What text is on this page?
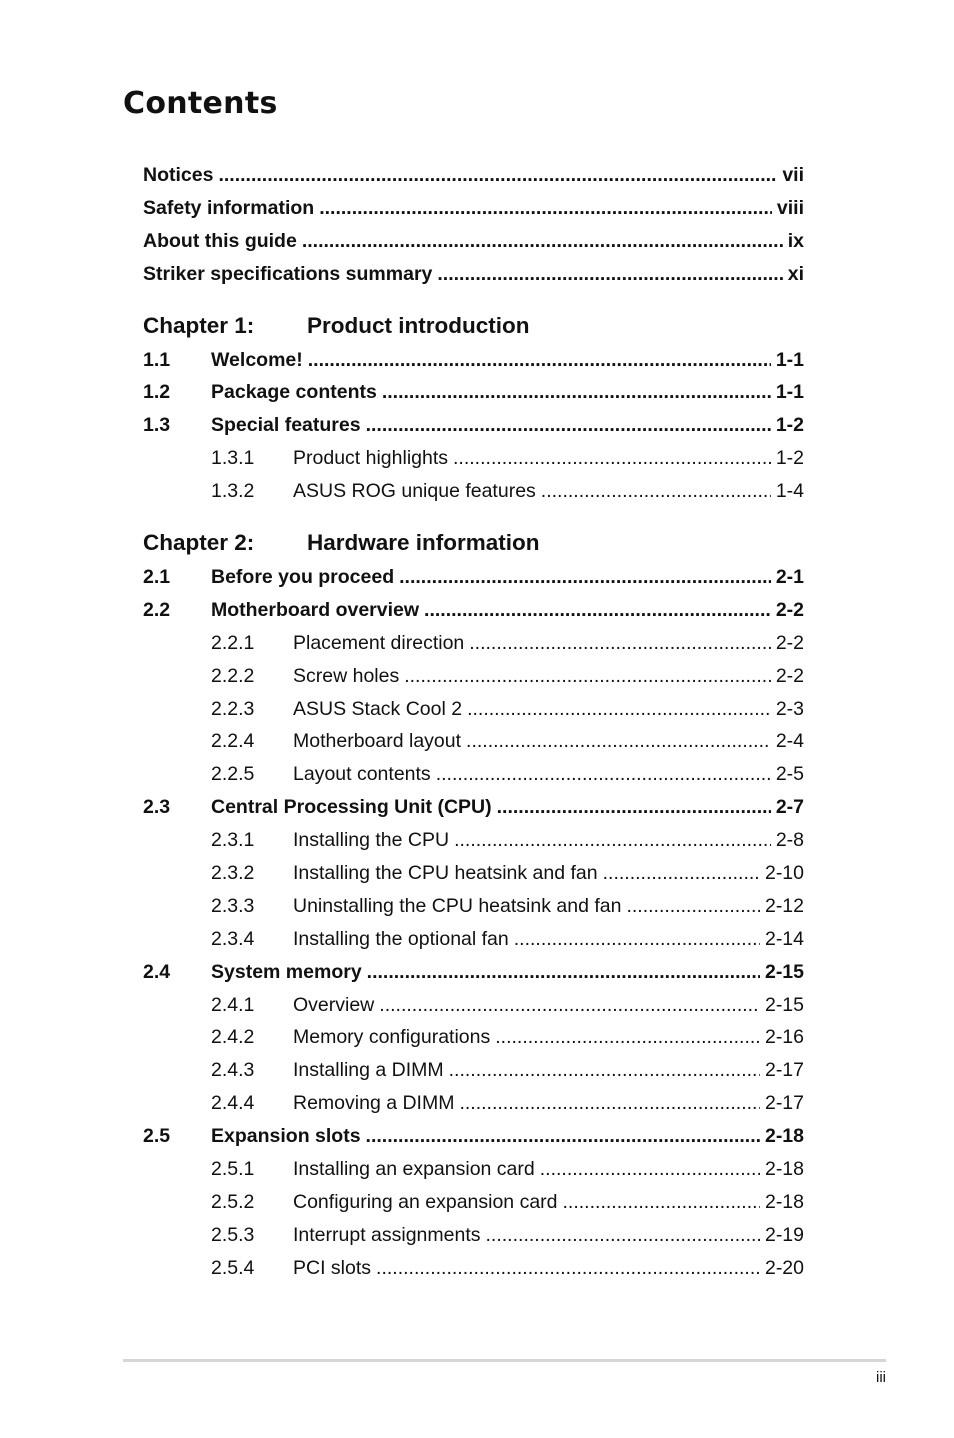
Contents
Notices .....	vii
Safety information .....	viii
About this guide .....	ix
Striker specifications summary .....	xi
Chapter 1:	Product introduction
1.1	Welcome! .....	1-1
1.2	Package contents .....	1-1
1.3	Special features .....	1-2
1.3.1	Product highlights .....	1-2
1.3.2	ASUS ROG unique features .....	1-4
Chapter 2:	Hardware information
2.1	Before you proceed .....	2-1
2.2	Motherboard overview .....	2-2
2.2.1	Placement direction .....	2-2
2.2.2	Screw holes .....	2-2
2.2.3	ASUS Stack Cool 2 .....	2-3
2.2.4	Motherboard layout .....	2-4
2.2.5	Layout contents .....	2-5
2.3	Central Processing Unit (CPU) .....	2-7
2.3.1	Installing the CPU .....	2-8
2.3.2	Installing the CPU heatsink and fan .....	2-10
2.3.3	Uninstalling the CPU heatsink and fan .....	2-12
2.3.4	Installing the optional fan .....	2-14
2.4	System memory .....	2-15
2.4.1	Overview .....	2-15
2.4.2	Memory configurations .....	2-16
2.4.3	Installing a DIMM .....	2-17
2.4.4	Removing a DIMM .....	2-17
2.5	Expansion slots .....	2-18
2.5.1	Installing an expansion card .....	2-18
2.5.2	Configuring an expansion card .....	2-18
2.5.3	Interrupt assignments .....	2-19
2.5.4	PCI slots .....	2-20
iii
